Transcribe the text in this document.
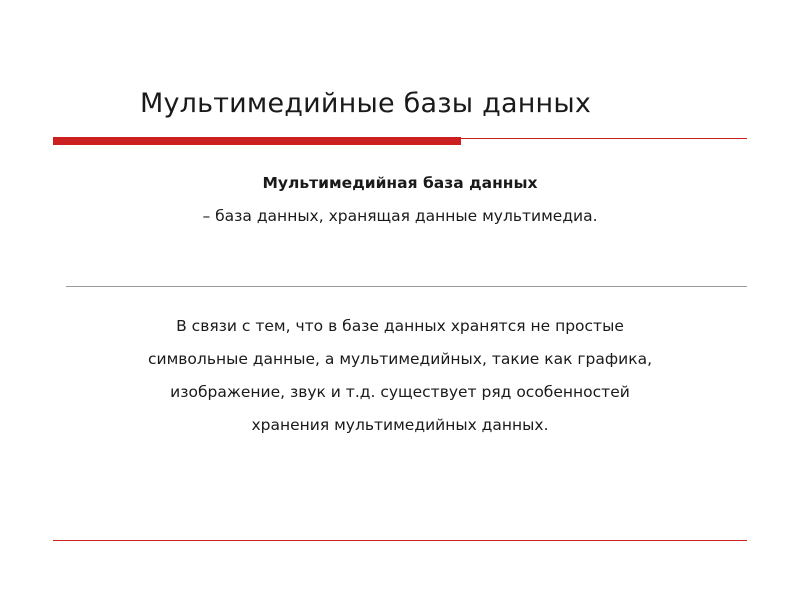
Мультимедийные базы данных

Мультимедийная база данных

– база данных, хранящая данные мультимедиа.

В связи с тем, что в базе данных хранятся не простые
символьные данные, а мультимедийных, такие как графика,
изображение, звук и т.д. существует ряд особенностей
хранения мультимедийных данных.
